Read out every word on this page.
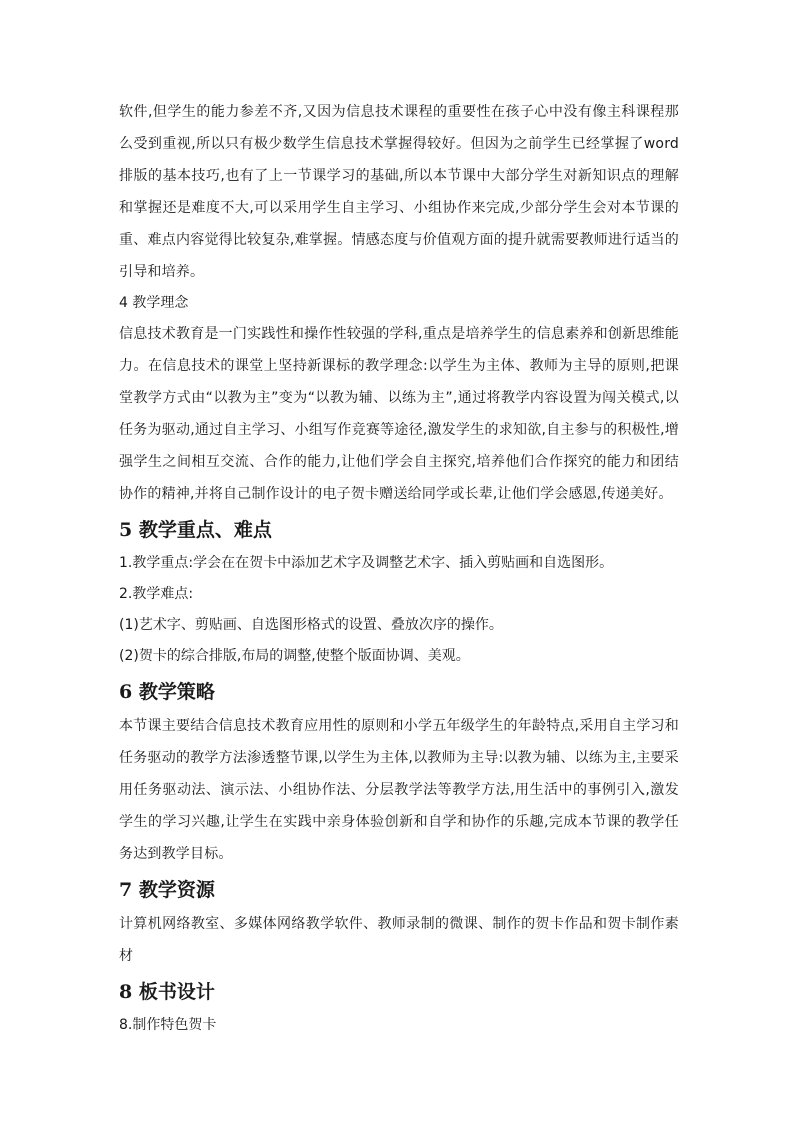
软件,但学生的能力参差不齐,又因为信息技术课程的重要性在孩子心中没有像主科课程那么受到重视,所以只有极少数学生信息技术掌握得较好。但因为之前学生已经掌握了word排版的基本技巧,也有了上一节课学习的基础,所以本节课中大部分学生对新知识点的理解和掌握还是难度不大,可以采用学生自主学习、小组协作来完成,少部分学生会对本节课的重、难点内容觉得比较复杂,难掌握。情感态度与价值观方面的提升就需要教师进行适当的引导和培养。

4 教学理念

信息技术教育是一门实践性和操作性较强的学科,重点是培养学生的信息素养和创新思维能力。在信息技术的课堂上坚持新课标的教学理念:以学生为主体、教师为主导的原则,把课堂教学方式由“以教为主”变为“以教为辅、以练为主”,通过将教学内容设置为闯关模式,以任务为驱动,通过自主学习、小组写作竞赛等途径,激发学生的求知欲,自主参与的积极性,增强学生之间相互交流、合作的能力,让他们学会自主探究,培养他们合作探究的能力和团结协作的精神,并将自己制作设计的电子贺卡赠送给同学或长辈,让他们学会感恩,传递美好。

5 教学重点、难点

1.教学重点:学会在在贺卡中添加艺术字及调整艺术字、插入剪贴画和自选图形。

2.教学难点:

(1)艺术字、剪贴画、自选图形格式的设置、叠放次序的操作。

(2)贺卡的综合排版,布局的调整,使整个版面协调、美观。

6 教学策略

本节课主要结合信息技术教育应用性的原则和小学五年级学生的年龄特点,采用自主学习和任务驱动的教学方法渗透整节课,以学生为主体,以教师为主导:以教为辅、以练为主,主要采用任务驱动法、演示法、小组协作法、分层教学法等教学方法,用生活中的事例引入,激发学生的学习兴趣,让学生在实践中亲身体验创新和自学和协作的乐趣,完成本节课的教学任务达到教学目标。

7 教学资源

计算机网络教室、多媒体网络教学软件、教师录制的微课、制作的贺卡作品和贺卡制作素材

8 板书设计

8.制作特色贺卡
